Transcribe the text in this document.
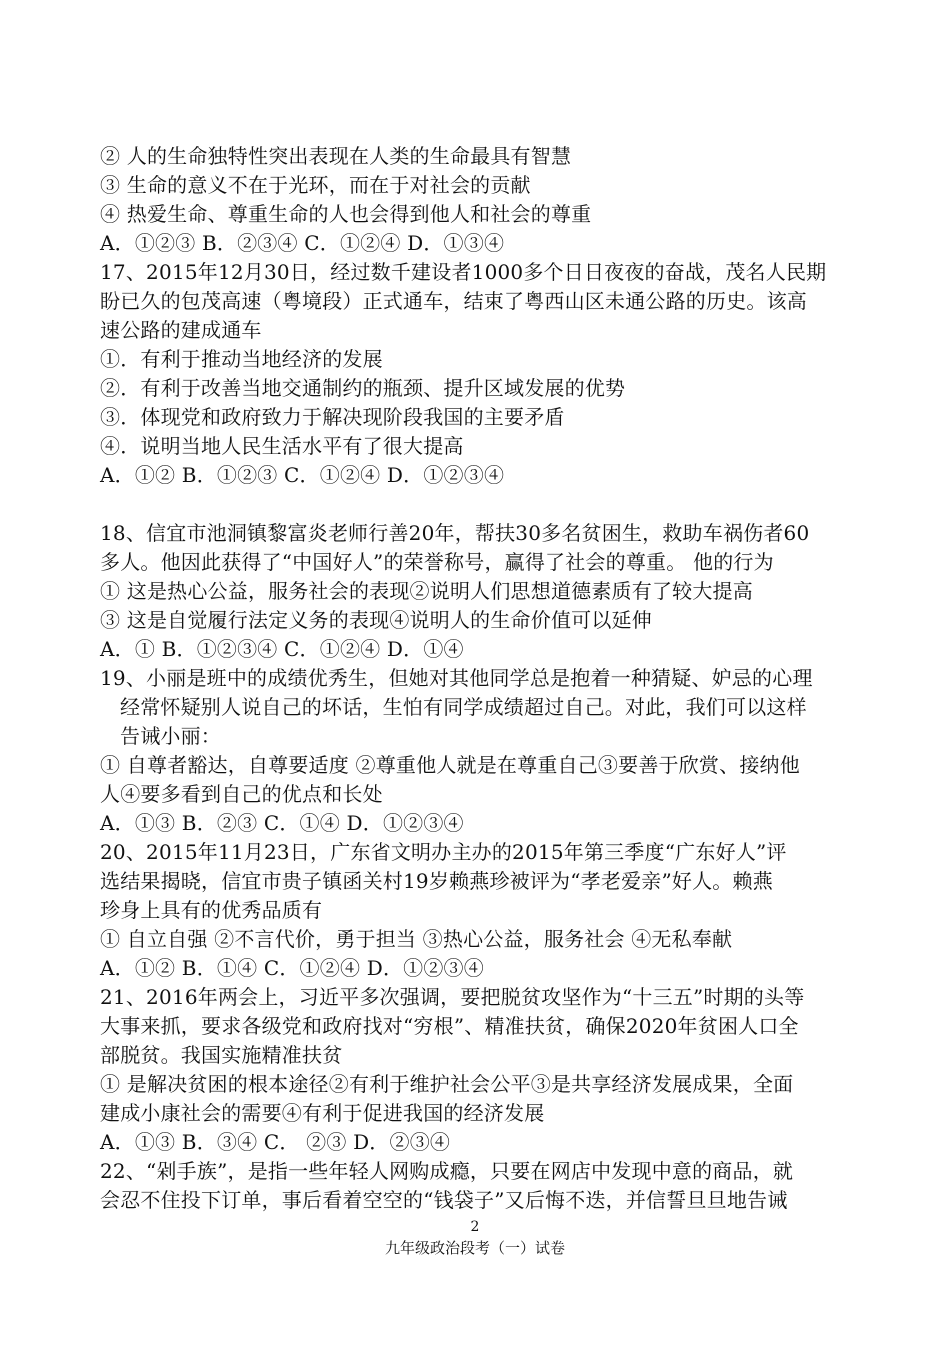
② 人的生命独特性突出表现在人类的生命最具有智慧
③ 生命的意义不在于光环，而在于对社会的贡献
④ 热爱生命、尊重生命的人也会得到他人和社会的尊重
A．①②③ B．②③④ C．①②④ D．①③④
17、2015年12月30日，经过数千建设者1000多个日日夜夜的奋战，茂名人民期
盼已久的包茂高速（粤境段）正式通车，结束了粤西山区未通公路的历史。该高
速公路的建成通车
①．有利于推动当地经济的发展
②．有利于改善当地交通制约的瓶颈、提升区域发展的优势
③．体现党和政府致力于解决现阶段我国的主要矛盾
④．说明当地人民生活水平有了很大提高
A．①② B．①②③ C．①②④ D．①②③④
18、信宜市池洞镇黎富炎老师行善20年，帮扶30多名贫困生，救助车祸伤者60
多人。他因此获得了“中国好人”的荣誉称号，赢得了社会的尊重。 他的行为
① 这是热心公益，服务社会的表现②说明人们思想道德素质有了较大提高
③ 这是自觉履行法定义务的表现④说明人的生命价值可以延伸
A．① B．①②③④ C．①②④ D．①④
19、小丽是班中的成绩优秀生，但她对其他同学总是抱着一种猜疑、妒忌的心理
经常怀疑别人说自己的坏话，生怕有同学成绩超过自己。对此，我们可以这样
告诫小丽：
① 自尊者豁达，自尊要适度 ②尊重他人就是在尊重自己③要善于欣赏、接纳他
人④要多看到自己的优点和长处
A．①③ B．②③ C．①④ D．①②③④
20、2015年11月23日，广东省文明办主办的2015年第三季度“广东好人”评
选结果揭晓，信宜市贵子镇函关村19岁赖燕珍被评为“孝老爱亲”好人。赖燕
珍身上具有的优秀品质有
① 自立自强 ②不言代价，勇于担当 ③热心公益，服务社会 ④无私奉献
A．①② B．①④ C．①②④ D．①②③④
21、2016年两会上，习近平多次强调，要把脱贫攻坚作为“十三五”时期的头等
大事来抓，要求各级党和政府找对“穷根”、精准扶贫，确保2020年贫困人口全
部脱贫。我国实施精准扶贫
① 是解决贫困的根本途径②有利于维护社会公平③是共享经济发展成果，全面
建成小康社会的需要④有利于促进我国的经济发展
A．①③ B．③④ C． ②③ D．②③④
22、“剁手族”，是指一些年轻人网购成瘾，只要在网店中发现中意的商品，就
会忍不住投下订单，事后看着空空的“钱袋子”又后悔不迭，并信誓旦旦地告诫
2
九年级政治段考（一）试卷
